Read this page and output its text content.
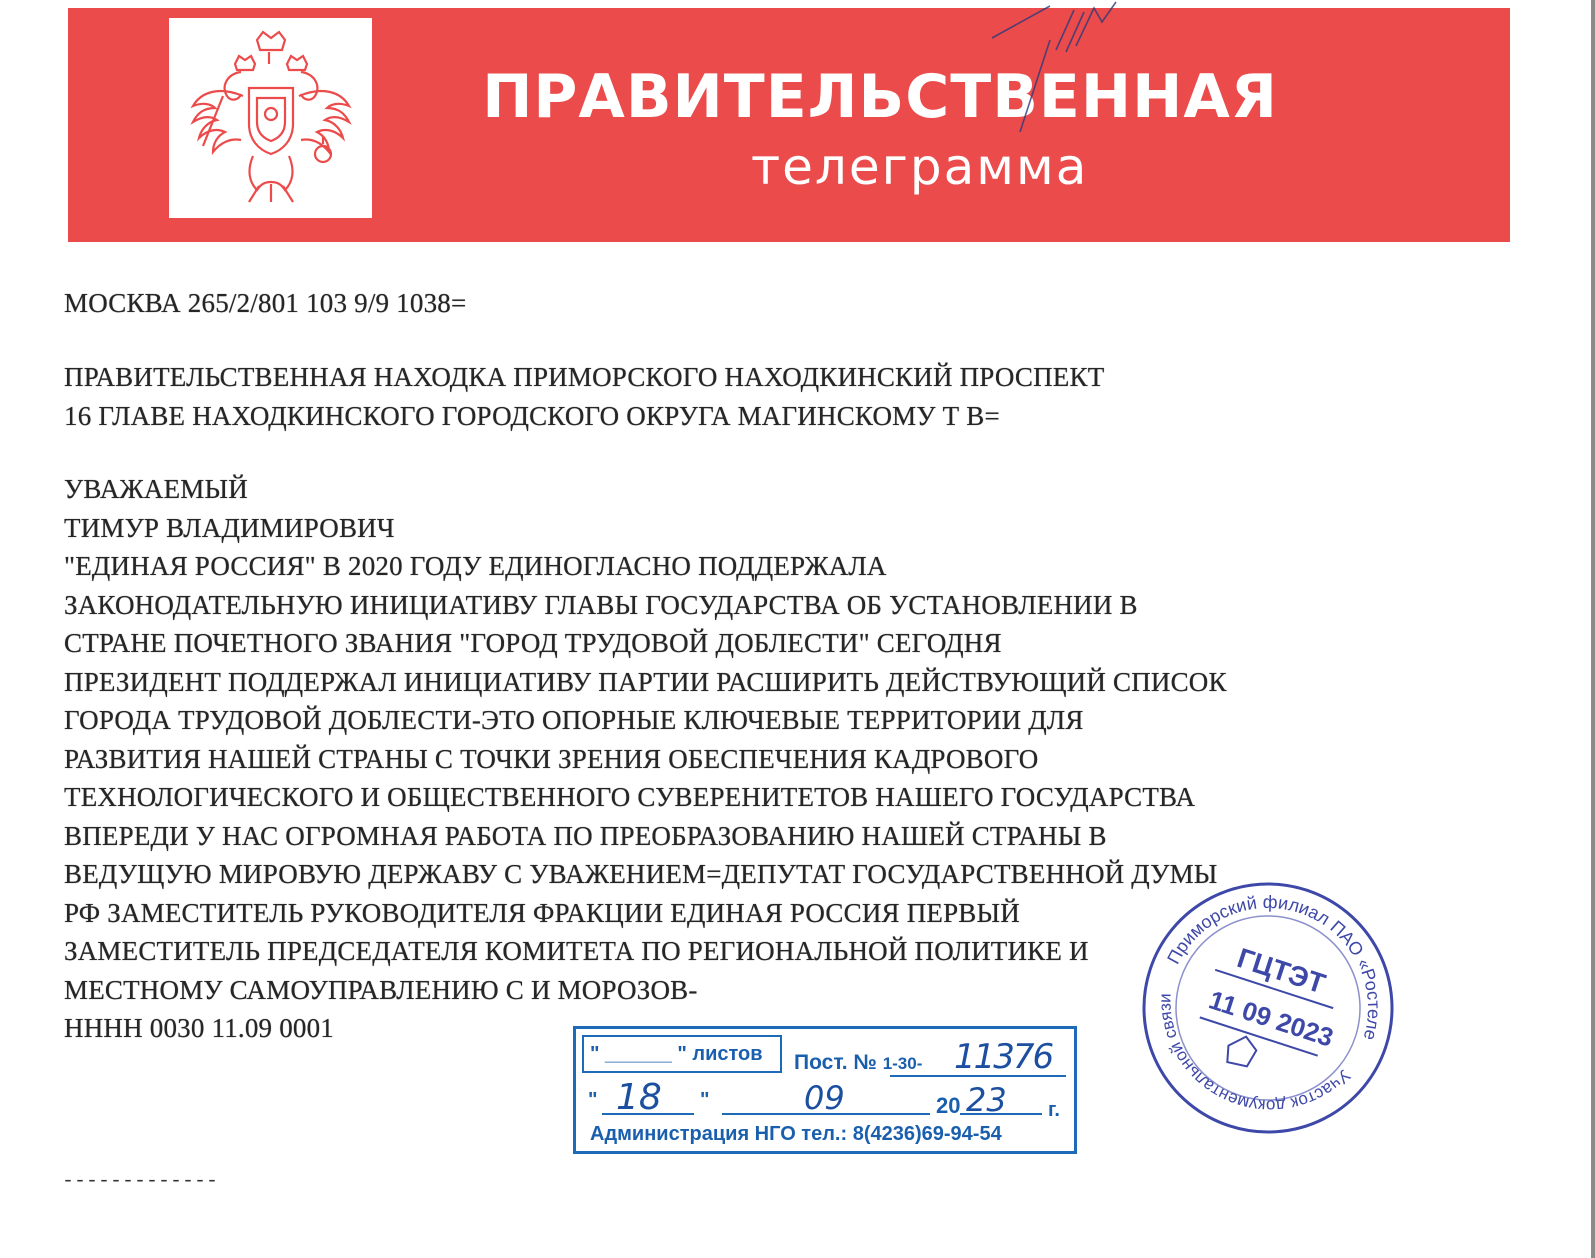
ПРАВИТЕЛЬСТВЕННАЯ
телеграмма
МОСКВА 265/2/801 103 9/9 1038=
ПРАВИТЕЛЬСТВЕННАЯ НАХОДКА ПРИМОРСКОГО НАХОДКИНСКИЙ ПРОСПЕКТ
16 ГЛАВЕ НАХОДКИНСКОГО ГОРОДСКОГО ОКРУГА МАГИНСКОМУ Т В=
УВАЖАЕМЫЙ
ТИМУР ВЛАДИМИРОВИЧ
"ЕДИНАЯ РОССИЯ" В 2020 ГОДУ ЕДИНОГЛАСНО ПОДДЕРЖАЛА
ЗАКОНОДАТЕЛЬНУЮ ИНИЦИАТИВУ ГЛАВЫ ГОСУДАРСТВА ОБ УСТАНОВЛЕНИИ В
СТРАНЕ ПОЧЕТНОГО ЗВАНИЯ "ГОРОД ТРУДОВОЙ ДОБЛЕСТИ" СЕГОДНЯ
ПРЕЗИДЕНТ ПОДДЕРЖАЛ ИНИЦИАТИВУ ПАРТИИ РАСШИРИТЬ ДЕЙСТВУЮЩИЙ СПИСОК
ГОРОДА ТРУДОВОЙ ДОБЛЕСТИ-ЭТО ОПОРНЫЕ КЛЮЧЕВЫЕ ТЕРРИТОРИИ ДЛЯ
РАЗВИТИЯ НАШЕЙ СТРАНЫ С ТОЧКИ ЗРЕНИЯ ОБЕСПЕЧЕНИЯ КАДРОВОГО
ТЕХНОЛОГИЧЕСКОГО И ОБЩЕСТВЕННОГО СУВЕРЕНИТЕТОВ НАШЕГО ГОСУДАРСТВА
ВПЕРЕДИ У НАС ОГРОМНАЯ РАБОТА ПО ПРЕОБРАЗОВАНИЮ НАШЕЙ СТРАНЫ В
ВЕДУЩУЮ МИРОВУЮ ДЕРЖАВУ С УВАЖЕНИЕМ=ДЕПУТАТ ГОСУДАРСТВЕННОЙ ДУМЫ
РФ ЗАМЕСТИТЕЛЬ РУКОВОДИТЕЛЯ ФРАКЦИИ ЕДИНАЯ РОССИЯ ПЕРВЫЙ
ЗАМЕСТИТЕЛЬ ПРЕДСЕДАТЕЛЯ КОМИТЕТА ПО РЕГИОНАЛЬНОЙ ПОЛИТИКЕ И
МЕСТНОМУ САМОУПРАВЛЕНИЮ С И МОРОЗОВ-
НННН 0030 11.09 0001
-------------
" ______ " листов Пост. № 1-30- 11376
" 18 "	09	20 23 г.
Администрация НГО тел.: 8(4236)69-94-54
Приморский филиал ПАО «Ростелеком»
Участок документальной связи	ГЦТЭТ
11 09 2023
